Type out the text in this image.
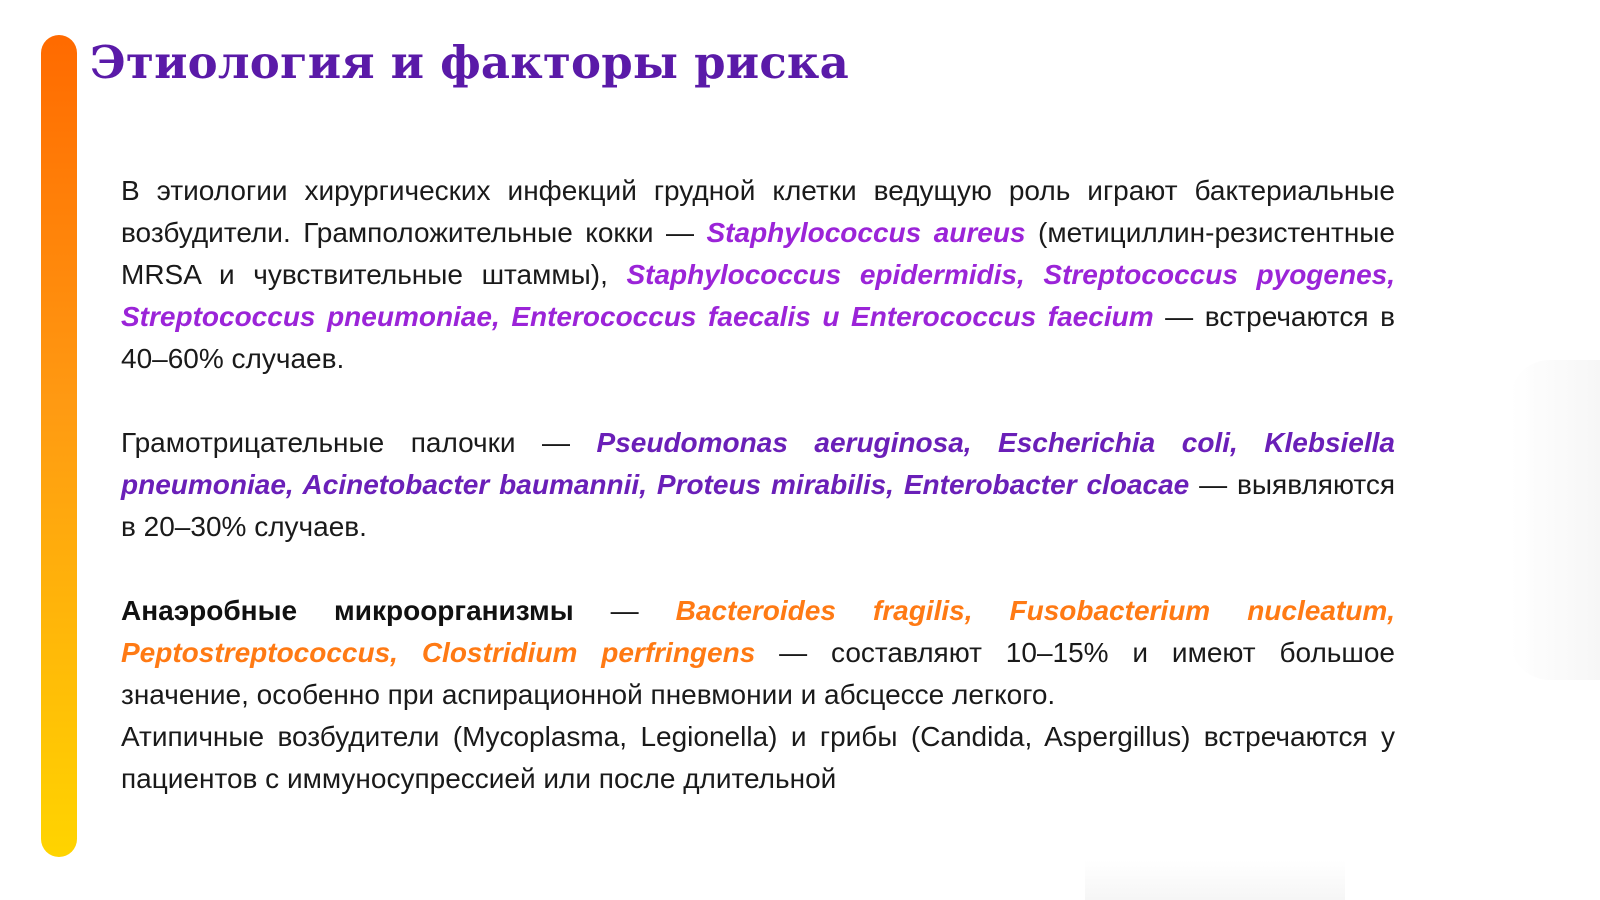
Этиология и факторы риска

В этиологии хирургических инфекций грудной клетки ведущую роль играют бактериальные возбудители. Грамположительные кокки — Staphylococcus aureus (метициллин-резистентные MRSA и чувствительные штаммы), Staphylococcus epidermidis, Streptococcus pyogenes, Streptococcus pneumoniae, Enterococcus faecalis и Enterococcus faecium — встречаются в 40–60% случаев.

Грамотрицательные палочки — Pseudomonas aeruginosa, Escherichia coli, Klebsiella pneumoniae, Acinetobacter baumannii, Proteus mirabilis, Enterobacter cloacae — выявляются в 20–30% случаев.

Анаэробные микроорганизмы — Bacteroides fragilis, Fusobacterium nucleatum, Peptostreptococcus, Clostridium perfringens — составляют 10–15% и имеют большое значение, особенно при аспирационной пневмонии и абсцессе легкого.

Атипичные возбудители (Mycoplasma, Legionella) и грибы (Candida, Aspergillus) встречаются у пациентов с иммуносупрессией или после длительной
